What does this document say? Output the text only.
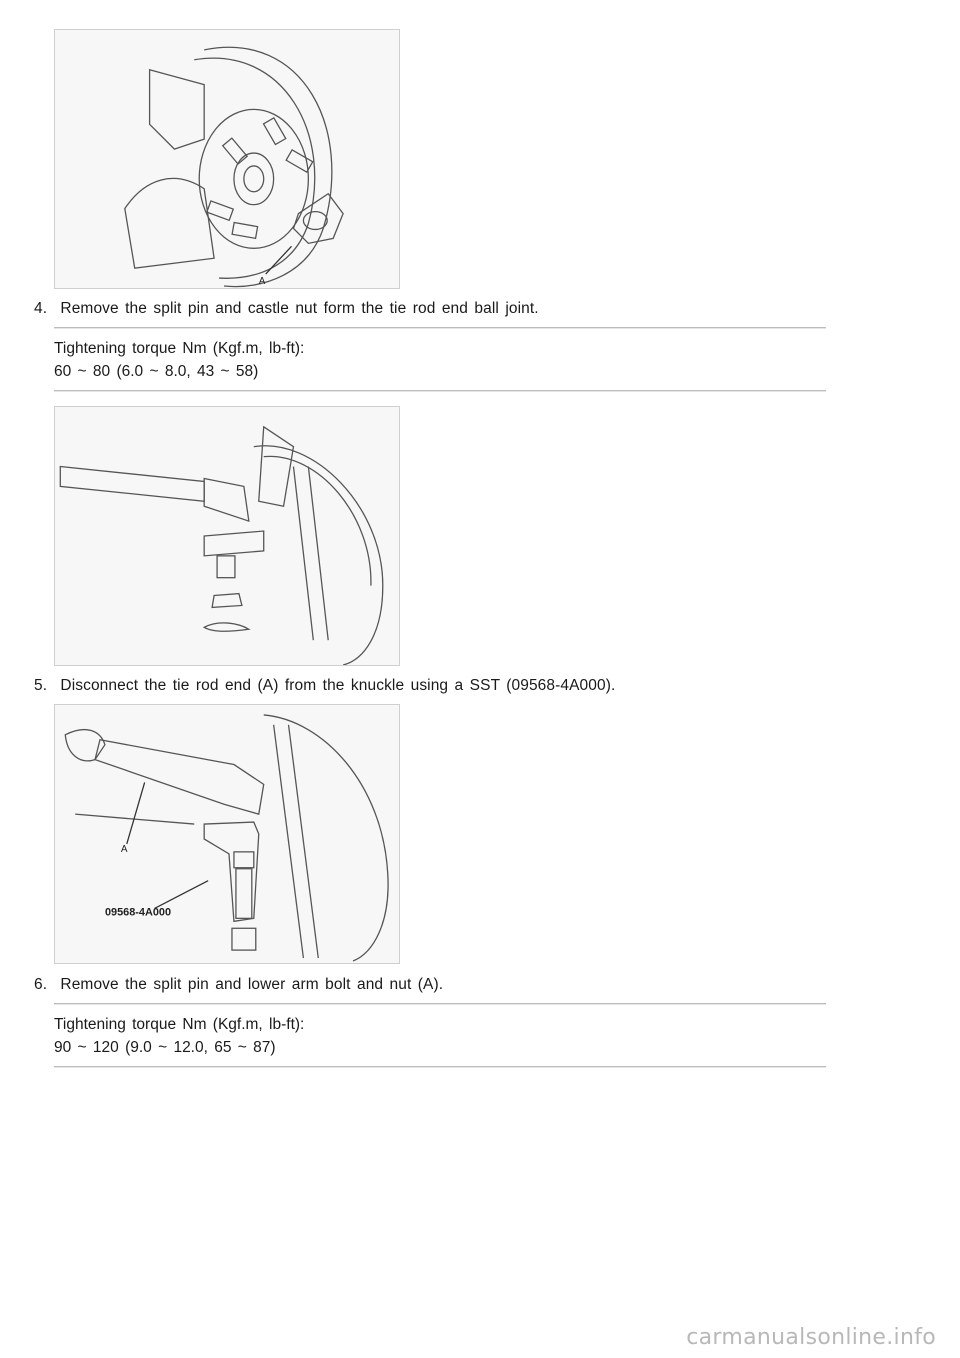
A
4. Remove the split pin and castle nut form the tie rod end ball joint.
Tightening torque Nm (Kgf.m, lb-ft):
60 ~ 80 (6.0 ~ 8.0, 43 ~ 58)
5. Disconnect the tie rod end (A) from the knuckle using a SST (09568-4A000).
A
09568-4A000
6. Remove the split pin and lower arm bolt and nut (A).
Tightening torque Nm (Kgf.m, lb-ft):
90 ~ 120 (9.0 ~ 12.0, 65 ~ 87)
carmanualsonline.info
